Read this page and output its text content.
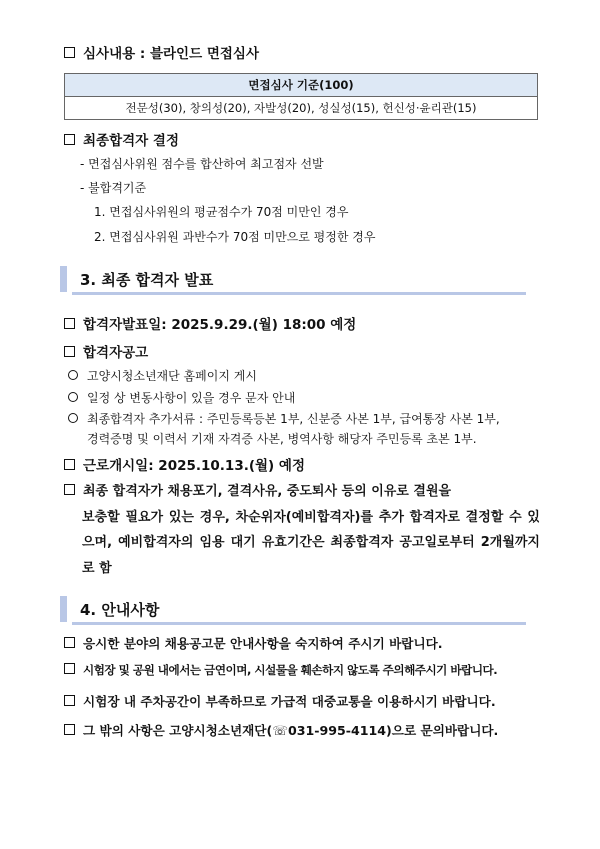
심사내용 : 블라인드 면접심사
면접심사 기준(100)
전문성(30), 창의성(20), 자발성(20), 성실성(15), 헌신성·윤리관(15)
최종합격자 결정
- 면접심사위원 점수를 합산하여 최고점자 선발
- 불합격기준
1. 면접심사위원의 평균점수가 70점 미만인 경우
2. 면접심사위원 과반수가 70점 미만으로 평정한 경우
3. 최종 합격자 발표
합격자발표일: 2025.9.29.(월) 18:00 예정
합격자공고
고양시청소년재단 홈페이지 게시
일정 상 변동사항이 있을 경우 문자 안내
최종합격자 추가서류 : 주민등록등본 1부, 신분증 사본 1부, 급여통장 사본 1부,
경력증명 및 이력서 기재 자격증 사본, 병역사항 해당자 주민등록 초본 1부.
근로개시일: 2025.10.13.(월) 예정
최종 합격자가 채용포기, 결격사유, 중도퇴사 등의 이유로 결원을
보충할 필요가 있는 경우, 차순위자(예비합격자)를 추가 합격자로 결정할 수 있으며, 예비합격자의 임용 대기 유효기간은 최종합격자 공고일로부터 2개월까지로 함
4. 안내사항
응시한 분야의 채용공고문 안내사항을 숙지하여 주시기 바랍니다.
시험장 및 공원 내에서는 금연이며, 시설물을 훼손하지 않도록 주의해주시기 바랍니다.
시험장 내 주차공간이 부족하므로 가급적 대중교통을 이용하시기 바랍니다.
그 밖의 사항은 고양시청소년재단(☏031-995-4114)으로 문의바랍니다.
